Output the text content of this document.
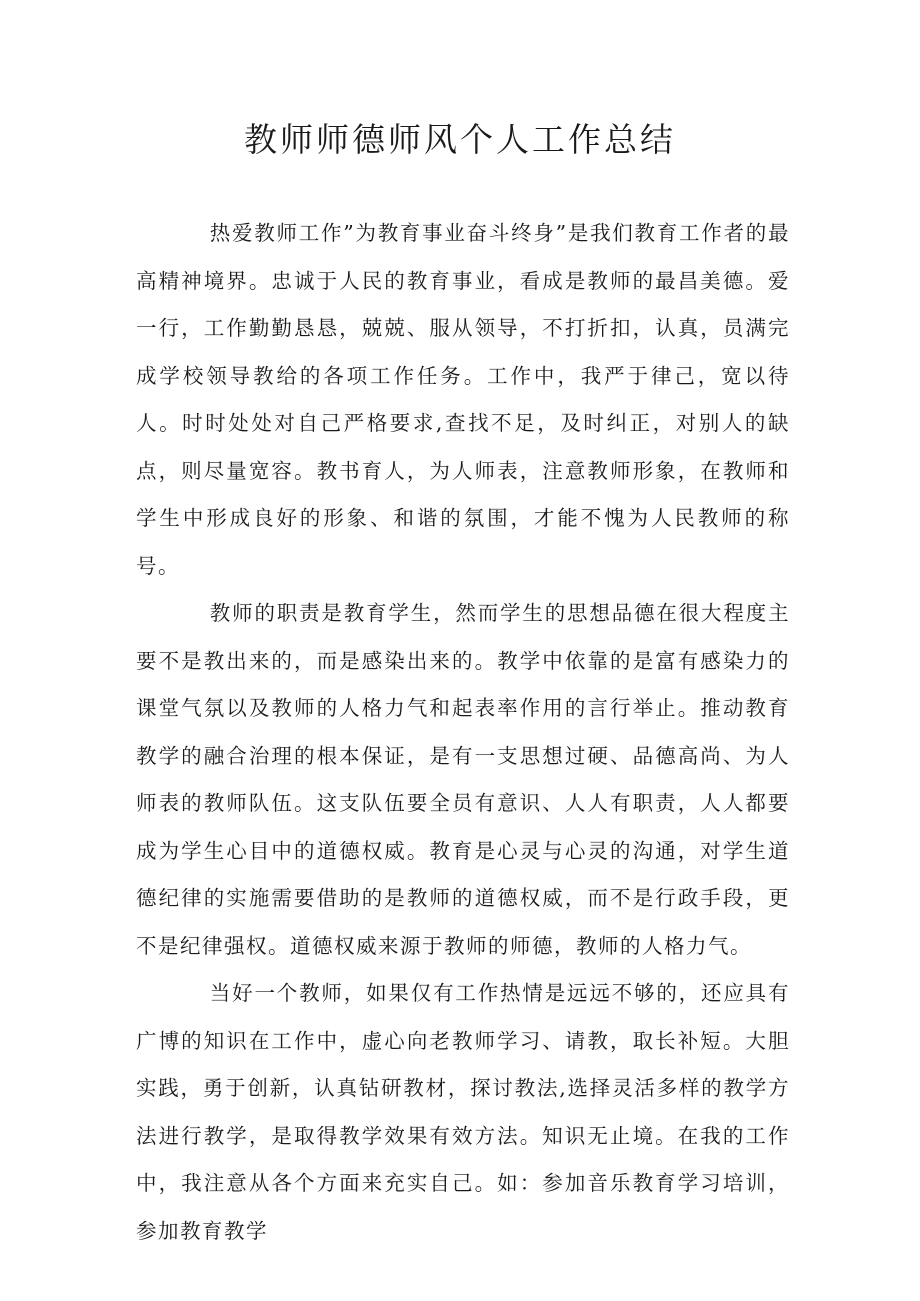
教师师德师风个人工作总结

热爱教师工作”为教育事业奋斗终身”是我们教育工作者的最高精神境界。忠诚于人民的教育事业，看成是教师的最昌美德。爱一行，工作勤勤恳恳，兢兢、服从领导，不打折扣，认真，员满完成学校领导教给的各项工作任务。工作中，我严于律己，宽以待人。时时处处对自己严格要求,查找不足，及时纠正，对别人的缺点，则尽量宽容。教书育人，为人师表，注意教师形象，在教师和学生中形成良好的形象、和谐的氛围，才能不愧为人民教师的称号。

教师的职责是教育学生，然而学生的思想品德在很大程度主要不是教出来的，而是感染出来的。教学中依靠的是富有感染力的课堂气氛以及教师的人格力气和起表率作用的言行举止。推动教育教学的融合治理的根本保证，是有一支思想过硬、品德高尚、为人师表的教师队伍。这支队伍要全员有意识、人人有职责，人人都要成为学生心目中的道德权威。教育是心灵与心灵的沟通，对学生道德纪律的实施需要借助的是教师的道德权威，而不是行政手段，更不是纪律强权。道德权威来源于教师的师德，教师的人格力气。

当好一个教师，如果仅有工作热情是远远不够的，还应具有广博的知识在工作中，虚心向老教师学习、请教，取长补短。大胆实践，勇于创新，认真钻研教材，探讨教法,选择灵活多样的教学方法进行教学，是取得教学效果有效方法。知识无止境。在我的工作中，我注意从各个方面来充实自己。如：参加音乐教育学习培训，参加教育教学
